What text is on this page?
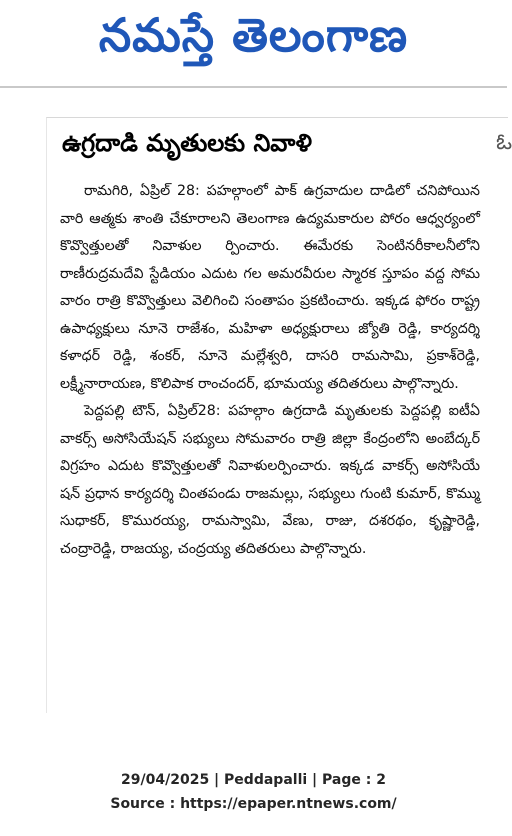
నమస్తే తెలంగాణ
ఉగ్రదాడి మృతులకు నివాళి	ఓ

రామగిరి, ఏప్రిల్ 28: పహల్గాంలో పాక్ ఉగ్రవాదుల దాడిలో చనిపోయిన వారి ఆత్మకు శాంతి చేకూరాలని తెలంగాణ ఉద్యమకారుల పోరం ఆధ్వర్యంలో కొవ్వొత్తులతో నివాళుల ర్పించారు. ఈమేరకు సెంటినరీకాలనీలోని రాణీరుద్రమదేవి స్టేడియం ఎదుట గల అమరవీరుల స్మారక స్తూపం వద్ద సోమ వారం రాత్రి కొవ్వొత్తులు వెలిగించి సంతాపం ప్రకటించారు. ఇక్కడ ఫోరం రాష్ట్ర ఉపాధ్యక్షులు నూనె రాజేశం, మహిళా అధ్యక్షురాలు జ్యోతి రెడ్డి, కార్యదర్శి కళాధర్ రెడ్డి, శంకర్, నూనె మల్లేశ్వరి, దాసరి రామసామి, ప్రకాశ్‌రెడ్డి, లక్ష్మీనారాయణ, కొలిపాక రాంచందర్, భూమయ్య తదితరులు పాల్గొన్నారు.

పెద్దపల్లి టౌన్, ఏప్రిల్28: పహల్గాం ఉగ్రదాడి మృతులకు పెద్దపల్లి ఐటీఏ వాకర్స్ అసోసియేషన్ సభ్యులు సోమవారం రాత్రి జిల్లా కేంద్రంలోని అంబేద్కర్ విగ్రహం ఎదుట కొవ్వొత్తులతో నివాళులర్పించారు. ఇక్కడ వాకర్స్ అసోసియే షన్ ప్రధాన కార్యదర్శి చింతపండు రాజమల్లు, సభ్యులు గుంటి కుమార్, కొమ్ము సుధాకర్, కొమురయ్య, రామస్వామి, వేణు, రాజు, దశరథం, కృష్ణారెడ్డి, చంద్రారెడ్డి, రాజయ్య, చంద్రయ్య తదితరులు పాల్గొన్నారు.

29/04/2025 | Peddapalli | Page : 2
Source : https://epaper.ntnews.com/
